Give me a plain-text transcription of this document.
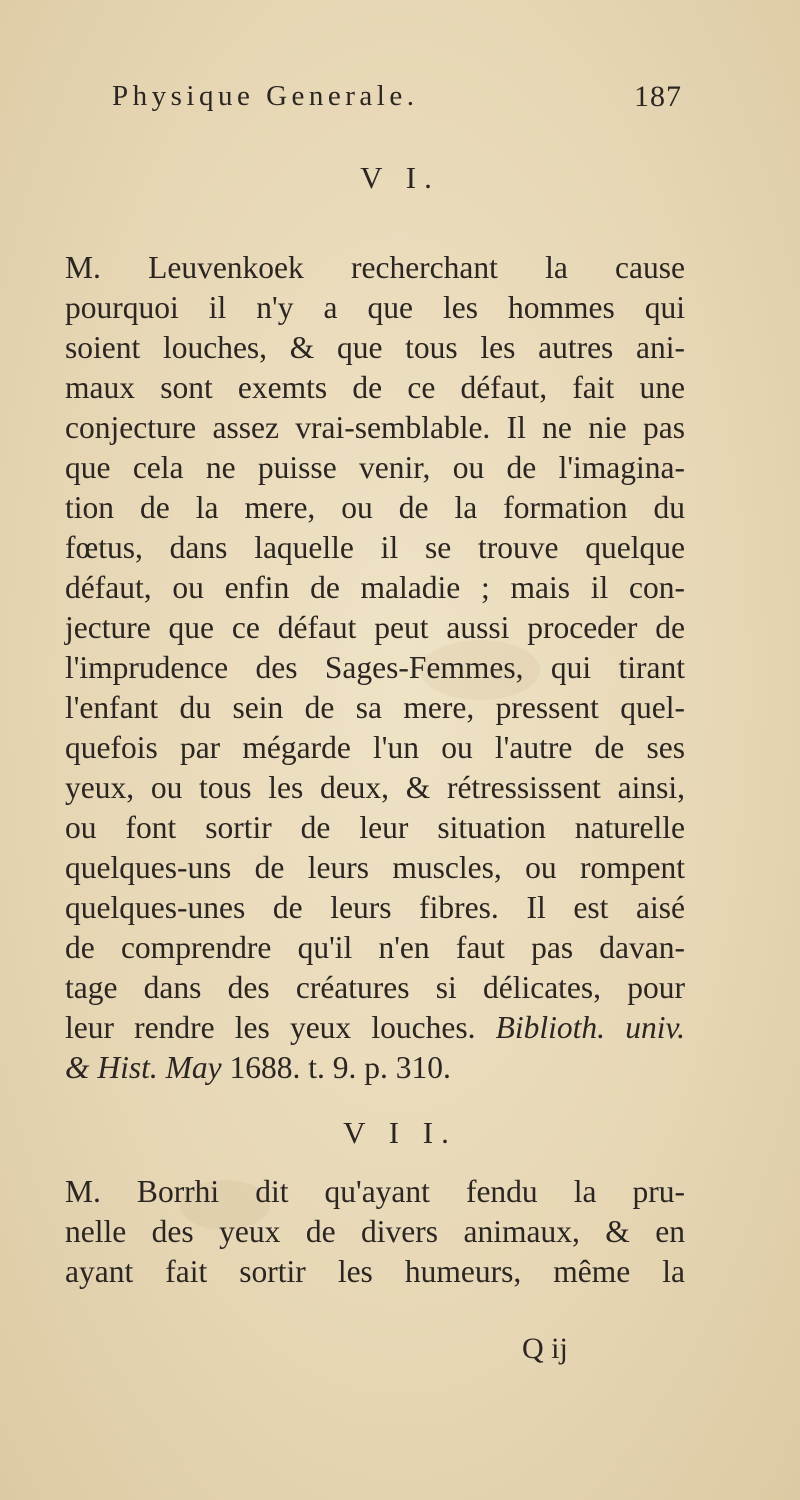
Physique Generale.	187
V I.
M. Leuvenkoek recherchant la cause
pourquoi il n'y a que les hommes qui
soient louches, & que tous les autres ani-
maux sont exemts de ce défaut, fait une
conjecture assez vrai-semblable. Il ne nie pas
que cela ne puisse venir, ou de l'imagina-
tion de la mere, ou de la formation du
fœtus, dans laquelle il se trouve quelque
défaut, ou enfin de maladie ; mais il con-
jecture que ce défaut peut aussi proceder de
l'imprudence des Sages-Femmes, qui tirant
l'enfant du sein de sa mere, pressent quel-
quefois par mégarde l'un ou l'autre de ses
yeux, ou tous les deux, & rétressissent ainsi,
ou font sortir de leur situation naturelle
quelques-uns de leurs muscles, ou rompent
quelques-unes de leurs fibres. Il est aisé
de comprendre qu'il n'en faut pas davan-
tage dans des créatures si délicates, pour
leur rendre les yeux louches. Biblioth. univ.
& Hist. May 1688. t. 9. p. 310.
V I I.
M. Borrhi dit qu'ayant fendu la pru-
nelle des yeux de divers animaux, & en
ayant fait sortir les humeurs, même la
Q ij
